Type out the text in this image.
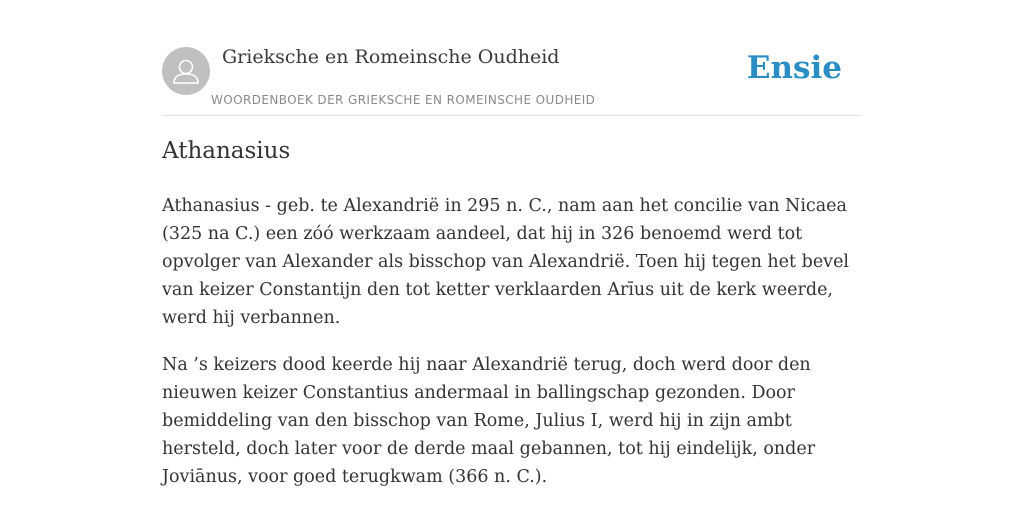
Grieksche en Romeinsche Oudheid
WOORDENBOEK DER GRIEKSCHE EN ROMEINSCHE OUDHEID
Ensie
Athanasius

Athanasius - geb. te Alexandrië in 295 n. C., nam aan het concilie van Nicaea (325 na C.) een zóó werkzaam aandeel, dat hij in 326 benoemd werd tot opvolger van Alexander als bisschop van Alexandrië. Toen hij tegen het bevel van keizer Constantijn den tot ketter verklaarden Arīus uit de kerk weerde, werd hij verbannen.

Na ’s keizers dood keerde hij naar Alexandrië terug, doch werd door den nieuwen keizer Constantius andermaal in ballingschap gezonden. Door bemiddeling van den bisschop van Rome, Julius I, werd hij in zijn ambt hersteld, doch later voor de derde maal gebannen, tot hij eindelijk, onder Joviānus, voor goed terugkwam (366 n. C.).
